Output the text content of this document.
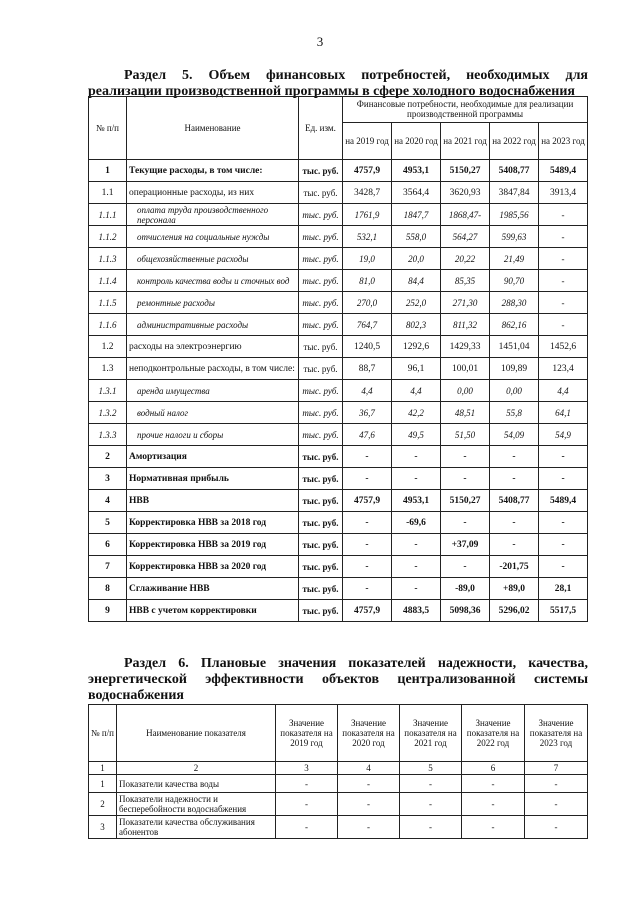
3
Раздел 5. Объем финансовых потребностей, необходимых для
реализации производственной программы в сфере холодного водоснабжения
№ п/п	Наименование	Ед. изм.	Финансовые потребности, необходимые для реализации производственной программы				
			на 2019 год	на 2020 год	на 2021 год	на 2022 год	на 2023 год
1	Текущие расходы, в том числе:	тыс. руб.	4757,9	4953,1	5150,27	5408,77	5489,4
1.1	операционные расходы, из них	тыс. руб.	3428,7	3564,4	3620,93	3847,84	3913,4
1.1.1	оплата труда производственного персонала	тыс. руб.	1761,9	1847,7	1868,47-	1985,56	-
1.1.2	отчисления на социальные нужды	тыс. руб.	532,1	558,0	564,27	599,63	-
1.1.3	общехозяйственные расходы	тыс. руб.	19,0	20,0	20,22	21,49	-
1.1.4	контроль качества воды и сточных вод	тыс. руб.	81,0	84,4	85,35	90,70	-
1.1.5	ремонтные расходы	тыс. руб.	270,0	252,0	271,30	288,30	-
1.1.6	административные расходы	тыс. руб.	764,7	802,3	811,32	862,16	-
1.2	расходы на электроэнергию	тыс. руб.	1240,5	1292,6	1429,33	1451,04	1452,6
1.3	неподконтрольные расходы, в том числе:	тыс. руб.	88,7	96,1	100,01	109,89	123,4
1.3.1	аренда имущества	тыс. руб.	4,4	4,4	0,00	0,00	4,4
1.3.2	водный налог	тыс. руб.	36,7	42,2	48,51	55,8	64,1
1.3.3	прочие налоги и сборы	тыс. руб.	47,6	49,5	51,50	54,09	54,9
2	Амортизация	тыс. руб.	-	-	-	-	-
3	Нормативная прибыль	тыс. руб.	-	-	-	-	-
4	НВВ	тыс. руб.	4757,9	4953,1	5150,27	5408,77	5489,4
5	Корректировка НВВ за 2018 год	тыс. руб.	-	-69,6	-	-	-
6	Корректировка НВВ за 2019 год	тыс. руб.	-	-	+37,09	-	-
7	Корректировка НВВ за 2020 год	тыс. руб.	-	-	-	-201,75	-
8	Сглаживание НВВ	тыс. руб.	-	-	-89,0	+89,0	28,1
9	НВВ с учетом корректировки	тыс. руб.	4757,9	4883,5	5098,36	5296,02	5517,5
Раздел 6. Плановые значения показателей надежности, качества,
энергетической эффективности объектов централизованной системы водоснабжения
№ п/п	Наименование показателя	Значение показателя на 2019 год	Значение показателя на 2020 год	Значение показателя на 2021 год	Значение показателя на 2022 год	Значение показателя на 2023 год
1	2	3	4	5	6	7
1	Показатели качества воды	-	-	-	-	-
2	Показатели надежности и бесперебойности водоснабжения	-	-	-	-	-
3	Показатели качества обслуживания абонентов	-	-	-	-	-
